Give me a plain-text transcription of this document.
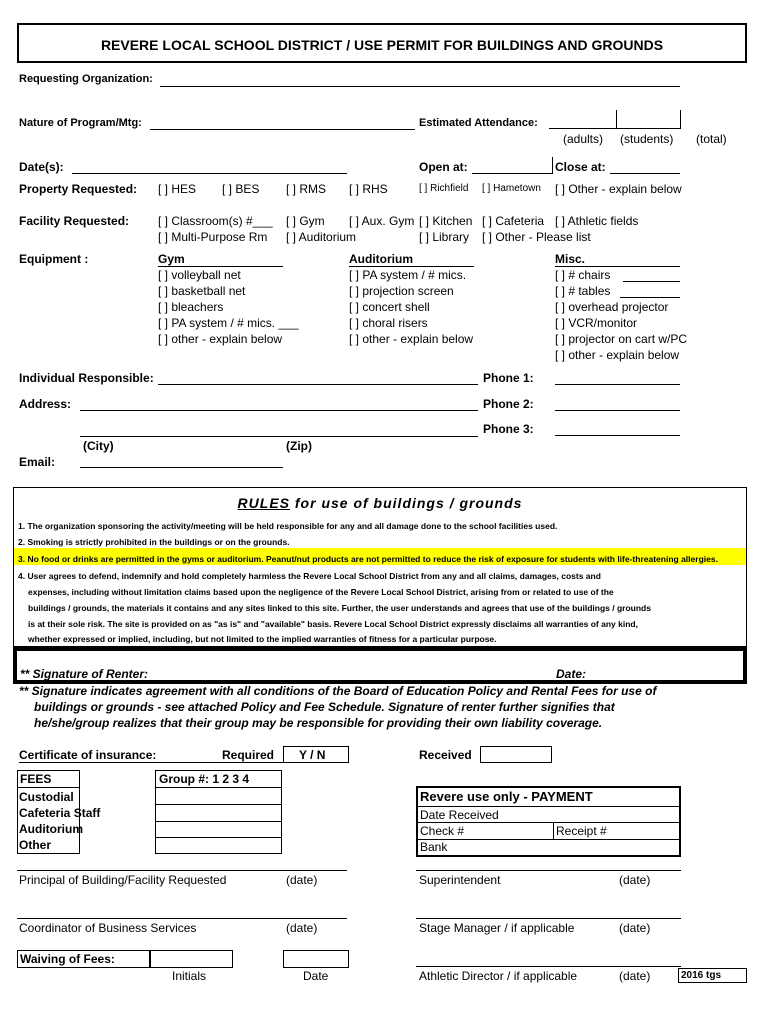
REVERE LOCAL SCHOOL DISTRICT / USE PERMIT FOR BUILDINGS AND GROUNDS
Requesting Organization:
Nature of Program/Mtg:	Estimated Attendance:
(adults) (students) (total)
Date(s):	Open at:	Close at:
Property Requested: [ ] HES [ ] BES [ ] RMS [ ] RHS	[ ] Richfield [ ] Hametown [ ] Other - explain below
Facility Requested: [ ] Classroom(s) #___ [ ] Gym [ ] Aux. Gym [ ] Kitchen [ ] Cafeteria [ ] Athletic fields
[ ] Multi-Purpose Rm [ ] Auditorium	[ ] Library [ ] Other - Please list
Equipment :	Gym
[ ] volleyball net
[ ] basketball net
[ ] bleachers
[ ] PA system / # mics. ___
[ ] other - explain below
Auditorium
[ ] PA system / # mics.
[ ] projection screen
[ ] concert shell
[ ] choral risers
[ ] other - explain below
Misc.
[ ] # chairs
[ ] # tables
[ ] overhead projector
[ ] VCR/monitor
[ ] projector on cart w/PC
[ ] other - explain below
Individual Responsible:	Phone 1:
Address:	Phone 2:
Phone 3:
(City)	(Zip)
Email:
RULES for use of buildings / grounds
1. The organization sponsoring the activity/meeting will be held responsible for any and all damage done to the school facilities used.
2. Smoking is strictly prohibited in the buildings or on the grounds.
3. No food or drinks are permitted in the gyms or auditorium. Peanut/nut products are not permitted to reduce the risk of exposure for students with life-threatening allergies.
4. User agrees to defend, indemnify and hold completely harmless the Revere Local School District from any and all claims, damages, costs and
expenses, including without limitation claims based upon the negligence of the Revere Local School District, arising from or related to use of the
buildings / grounds, the materials it contains and any sites linked to this site. Further, the user understands and agrees that use of the buildings / grounds
is at their sole risk. The site is provided on as "as is" and "available" basis. Revere Local School District expressly disclaims all warranties of any kind,
whether expressed or implied, including, but not limited to the implied warranties of fitness for a particular purpose.
** Signature of Renter:	Date:
** Signature indicates agreement with all conditions of the Board of Education Policy and Rental Fees for use of
buildings or grounds - see attached Policy and Fee Schedule. Signature of renter further signifies that
he/she/group realizes that their group may be responsible for providing their own liability coverage.
Certificate of insurance:	Required Y / N	Received
FEES	Group #: 1 2 3 4
Custodial
Cafeteria Staff
Auditorium
Other
Revere use only - PAYMENT
Date Received
Check #	Receipt #
Bank
Principal of Building/Facility Requested	(date)	Superintendent	(date)
Coordinator of Business Services	(date)	Stage Manager / if applicable	(date)
Waiving of Fees:
Initials	Date	Athletic Director / if applicable	(date)	2016 tgs
